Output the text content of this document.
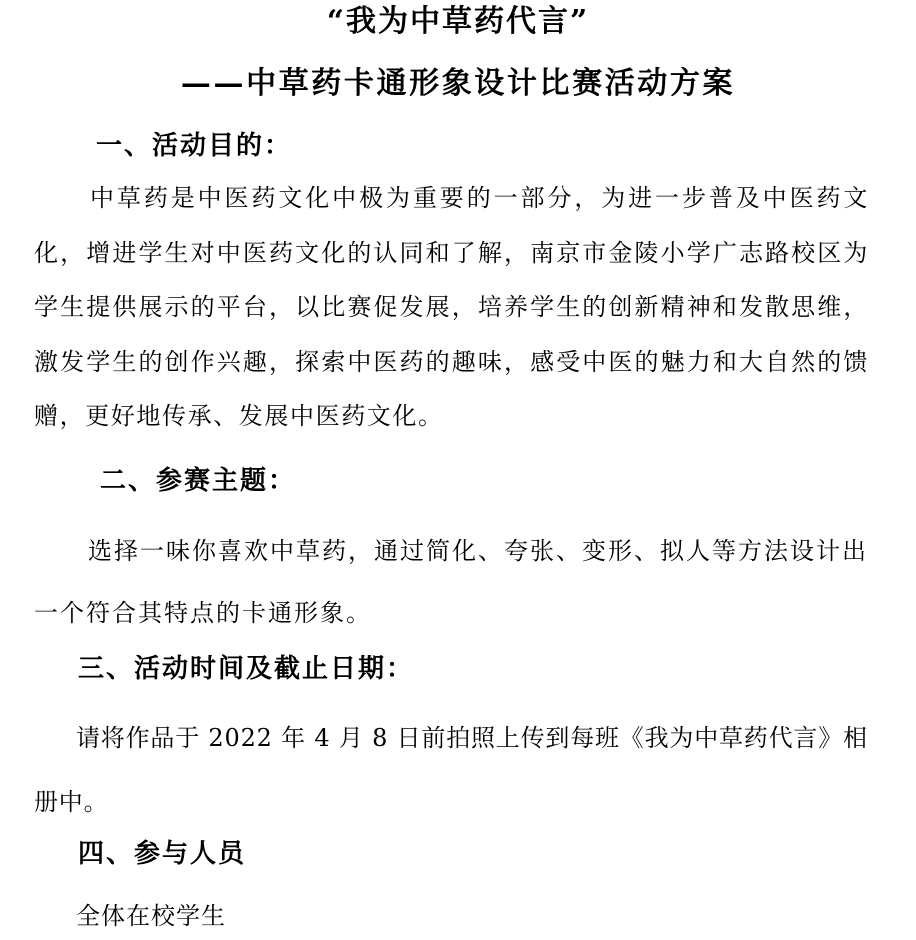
“我为中草药代言”
——中草药卡通形象设计比赛活动方案
一、活动目的：

中草药是中医药文化中极为重要的一部分，为进一步普及中医药文化，增进学生对中医药文化的认同和了解，南京市金陵小学广志路校区为学生提供展示的平台，以比赛促发展，培养学生的创新精神和发散思维，激发学生的创作兴趣，探索中医药的趣味，感受中医的魅力和大自然的馈赠，更好地传承、发展中医药文化。

二、参赛主题：

选择一味你喜欢中草药，通过简化、夸张、变形、拟人等方法设计出一个符合其特点的卡通形象。

三、活动时间及截止日期：

请将作品于 2022 年 4 月 8 日前拍照上传到每班《我为中草药代言》相册中。

四、参与人员

全体在校学生
